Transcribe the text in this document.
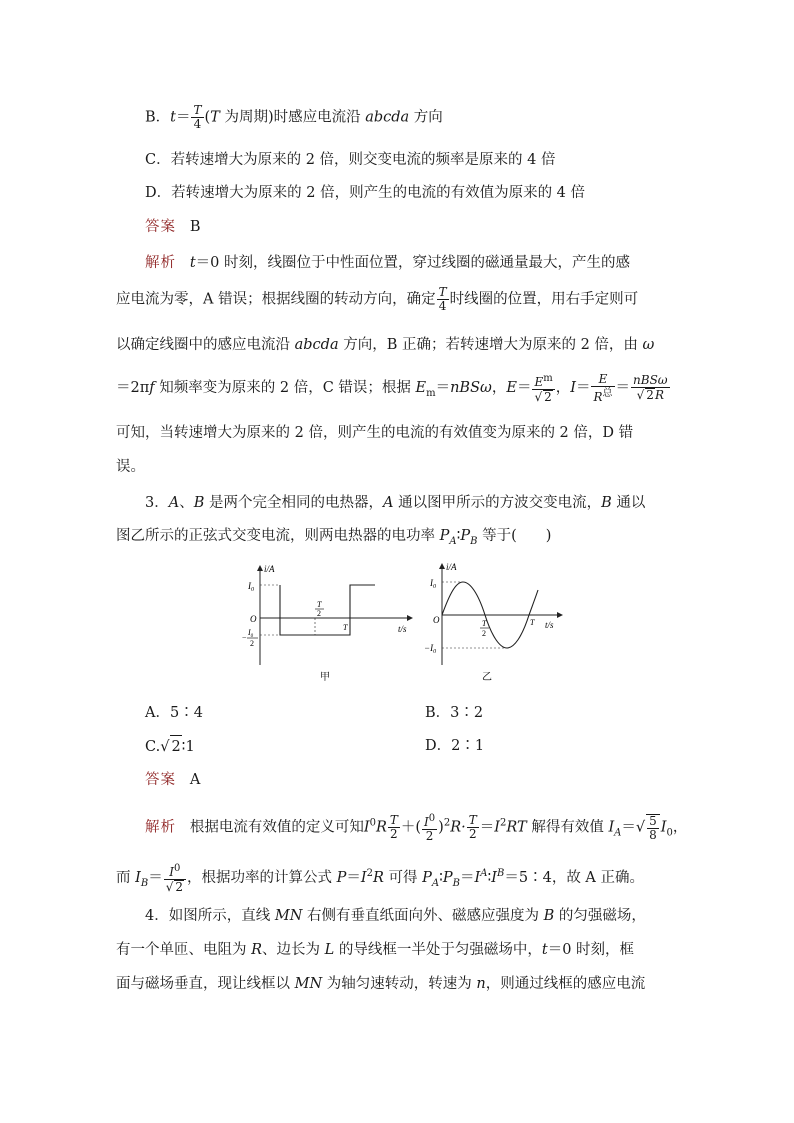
B．$t= \frac{T}{4} (T$ 为周期)时感应电流沿 abcda 方向
C．若转速增大为原来的 2 倍，则交变电流的频率是原来的 4 倍
D．若转速增大为原来的 2 倍，则产生的电流的有效值为原来的 4 倍
答案 B
解析 t＝0 时刻，线圈位于中性面位置，穿过线圈的磁通量最大，产生的感
应电流为零，A 错误；根据线圈的转动方向，确定 $\frac{T}{4}$ 时线圈的位置，用右手定则可
以确定线圈中的感应电流沿 abcda 方向，B 正确；若转速增大为原来的 2 倍，由 ω
＝2πf 知频率变为原来的 2 倍，C 错误；根据 $E_m=nBS\omega$，$E= \frac{E^m}{√ 2}$ ，$I= \frac{E}{R^总} = \frac{\text{nBSω}}{√ 2R}$
可知，当转速增大为原来的 2 倍，则产生的电流的有效值变为原来的 2 倍，D 错
误。
3．A、B 是两个完全相同的电热器，A 通以图甲所示的方波交变电流，B 通以
图乙所示的正弦式交变电流，则两电热器的电功率 $P_A∶P_B$ 等于(　　)
i/A
t/s
O
$I_0$
−
$I_0$
2
T
2
T
甲
i/A
t/s
O
$I_0$
$-I_0$
T
2
T
乙
A．5∶4	B．3∶2
C.√ 2∶1	D．2∶1
答案 A
解析 根据电流有效值的定义可知$I^0R \frac{T}{2}$ ＋( $\frac{I^0}{2} )^2R\cdot \frac{T}{2} =I^2RT$ 解得有效值 $I_A=√ \frac{5}{8} I_0$，
而 $I_B= \frac{I^0}{√ 2}$ ，根据功率的计算公式 $P=I^2R$ 可得 $P_A∶P_B=I^A∶I^B=5∶4$，故 A 正确。
4．如图所示，直线 MN 右侧有垂直纸面向外、磁感应强度为 B 的匀强磁场，
有一个单匝、电阻为 R、边长为 L 的导线框一半处于匀强磁场中，t＝0 时刻，框
面与磁场垂直，现让线框以 MN 为轴匀速转动，转速为 n，则通过线框的感应电流
